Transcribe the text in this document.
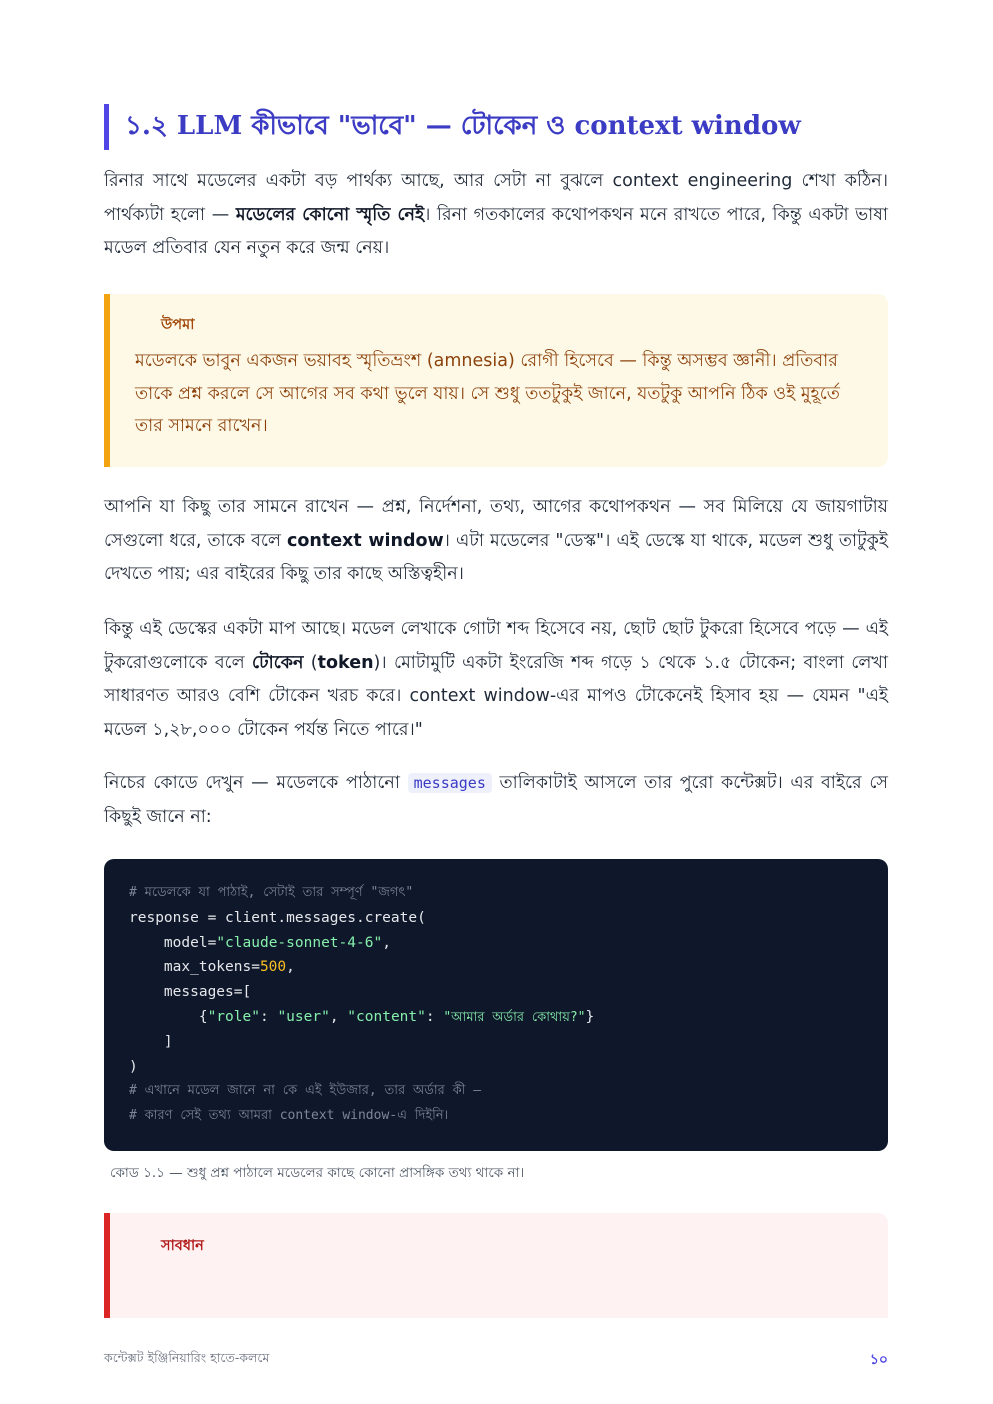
১.২ LLM কীভাবে "ভাবে" — টোকেন ও context window

রিনার সাথে মডেলের একটা বড় পার্থক্য আছে, আর সেটা না বুঝলে context engineering শেখা কঠিন। পার্থক্যটা হলো — মডেলের কোনো স্মৃতি নেই। রিনা গতকালের কথোপকথন মনে রাখতে পারে, কিন্তু একটা ভাষা মডেল প্রতিবার যেন নতুন করে জন্ম নেয়।

উপমা

মডেলকে ভাবুন একজন ভয়াবহ স্মৃতিভ্রংশ (amnesia) রোগী হিসেবে — কিন্তু অসম্ভব জ্ঞানী। প্রতিবার তাকে প্রশ্ন করলে সে আগের সব কথা ভুলে যায়। সে শুধু ততটুকুই জানে, যতটুকু আপনি ঠিক ওই মুহূর্তে তার সামনে রাখেন।

আপনি যা কিছু তার সামনে রাখেন — প্রশ্ন, নির্দেশনা, তথ্য, আগের কথোপকথন — সব মিলিয়ে যে জায়গাটায় সেগুলো ধরে, তাকে বলে context window। এটা মডেলের "ডেস্ক"। এই ডেস্কে যা থাকে, মডেল শুধু তাটুকুই দেখতে পায়; এর বাইরের কিছু তার কাছে অস্তিত্বহীন।

কিন্তু এই ডেস্কের একটা মাপ আছে। মডেল লেখাকে গোটা শব্দ হিসেবে নয়, ছোট ছোট টুকরো হিসেবে পড়ে — এই টুকরোগুলোকে বলে টোকেন (token)। মোটামুটি একটা ইংরেজি শব্দ গড়ে ১ থেকে ১.৫ টোকেন; বাংলা লেখা সাধারণত আরও বেশি টোকেন খরচ করে। context window-এর মাপও টোকেনেই হিসাব হয় — যেমন "এই মডেল ১,২৮,০০০ টোকেন পর্যন্ত নিতে পারে।"

নিচের কোডে দেখুন — মডেলকে পাঠানো messages তালিকাটাই আসলে তার পুরো কন্টেক্সট। এর বাইরে সে কিছুই জানে না:

# মডেলকে যা পাঠাই, সেটাই তার সম্পূর্ণ "জগৎ"
response = client.messages.create(
model="claude-sonnet-4-6",
max_tokens=500,
messages=[
{"role": "user", "content": "আমার অর্ডার কোথায়?"}
]
)
# এখানে মডেল জানে না কে এই ইউজার, তার অর্ডার কী —
# কারণ সেই তথ্য আমরা context window-এ দিইনি।
কোড ১.১ — শুধু প্রশ্ন পাঠালে মডেলের কাছে কোনো প্রাসঙ্গিক তথ্য থাকে না।
সাবধান
কন্টেক্সট ইঞ্জিনিয়ারিং হাতে-কলমে	১০
